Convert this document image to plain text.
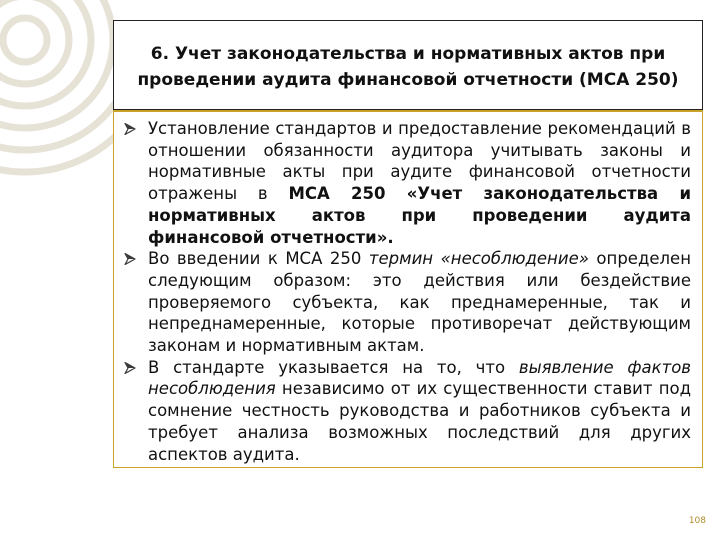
6. Учет законодательства и нормативных актов при проведении аудита финансовой отчетности (МСА 250)
Установление стандартов и предоставление рекомендаций в отношении обязанности аудитора учитывать законы и нормативные акты при аудите финансовой отчетности отражены в МСА 250 «Учет законодательства и нормативных актов при проведении аудита финансовой отчетности».
Во введении к МСА 250 термин «несоблюдение» определен следующим образом: это действия или бездействие проверяемого субъекта, как преднамеренные, так и непреднамеренные, которые противоречат действующим законам и нормативным актам.
В стандарте указывается на то, что выявление фактов несоблюдения независимо от их существенности ставит под сомнение честность руководства и работников субъекта и требует анализа возможных последствий для других аспектов аудита.
108
